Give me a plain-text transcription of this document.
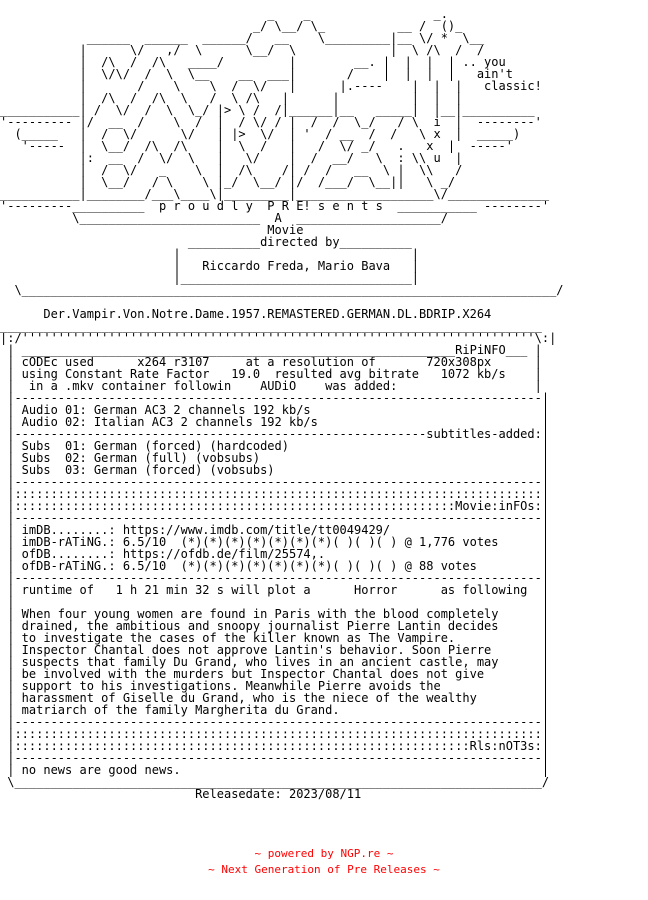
_    _                 _.
_/ \__/ \_          __ /  ()_
______  ______  ______/   __    \_________|__ \/ *  \__
|      \/   ,/  \      \__/  \             |  \ /\  /  /
|  /\  /  /\   ____/         |        __. |  |  |  | .. you
|  \/\/  /  \  \__    __  ___|       /    |  |  |  |   ain't
|       /    \    \  /  \/   |      |.----    |  |  |   classic!
|  /\  /  /\  \   /  \ /\   |      |          |  |  |
___________| /  \/  /  \  \_/ |> \ /  /|______|__   _____|  |__|__________
'--------- |/  __  /    \  /  |  / \/ / |  /  /  \_/   / \  i  |  --------'
(_____   |  /  \/      \/   | |>  \/  | '  / __  /  /   \ x  |  _____)
'-----  |  \__/  /\  /\    |  \  /   |   /  \/ _/   .   x  |  -----'
|:  __  /  \/  \   |   \/    |  /  __/   \  : \\ u  |
|  /  \/   _    \  |  /\    /| /  /   __  \ |  \\   /
|  \__/   / \    \ |_/  \__/ |/  /___/  \__||   \ _/
___________|________/___\____\|_________|___________________\/______________
'---------__________  p r o u d l y  P R E! s e n t s  ___________ --------'
\_________________________  A  ____________________/
Movie
__________directed by__________
|                                |
|   Riccardo Freda, Mario Bava   |
|________________________________|
\__________________________________________________________________________/
Der.Vampir.Von.Notre.Dame.1957.REMASTERED.GERMAN.DL.BDRIP.X264
___________________________________________________________________________
|:/'''''''''''''''''''''''''''''''''''''''''''''''''''''''''''''''''''''''\:|
| ____________________________________________________________RiPiNFO___ |
| cODEc used      x264 r3107     at a resolution of       720x308px      |
| using Constant Rate Factor   19.0  resulted avg bitrate   1072 kb/s    |
|  in a .mkv container followin    AUDiO    was added:                   |
|-------------------------------------------------------------------------|
| Audio 01: German AC3 2 channels 192 kb/s                                |
| Audio 02: Italian AC3 2 channels 192 kb/s                               |
|---------------------------------------------------------subtitles-added:|
| Subs  01: German (forced) (hardcoded)                                   |
| Subs  02: German (full) (vobsubs)                                       |
| Subs  03: German (forced) (vobsubs)                                     |
|-------------------------------------------------------------------------|
|:::::::::::::::::::::::::::::::::::::::::::::::::::::::::::::::::::::::::|
|:::::::::::::::::::::::::::::::::::::::::::::::::::::::::::::Movie:inFOs:|
|-------------------------------------------------------------------------|
| imDB........: https://www.imdb.com/title/tt0049429/                     |
| imDB-rATiNG.: 6.5/10  (*)(*)(*)(*)(*)(*)(*)( )( )( ) @ 1,776 votes      |
| ofDB........: https://ofdb.de/film/25574,.                              |
| ofDB-rATiNG.: 6.5/10  (*)(*)(*)(*)(*)(*)(*)( )( )( ) @ 88 votes         |
|-------------------------------------------------------------------------|
| runtime of   1 h 21 min 32 s will plot a      Horror      as following  |
|                                                                         |
| When four young women are found in Paris with the blood completely      |
| drained, the ambitious and snoopy journalist Pierre Lantin decides      |
| to investigate the cases of the killer known as The Vampire.            |
| Inspector Chantal does not approve Lantin's behavior. Soon Pierre       |
| suspects that family Du Grand, who lives in an ancient castle, may      |
| be involved with the murders but Inspector Chantal does not give        |
| support to his investigations. Meanwhile Pierre avoids the              |
| harassment of Giselle du Grand, who is the niece of the wealthy         |
| matriarch of the family Margherita du Grand.                            |
|-------------------------------------------------------------------------|
|:::::::::::::::::::::::::::::::::::::::::::::::::::::::::::::::::::::::::|
|:::::::::::::::::::::::::::::::::::::::::::::::::::::::::::::::Rls:nOT3s:|
|-------------------------------------------------------------------------|
| no news are good news.                                                  |
\_________________________________________________________________________/
Releasedate: 2023/08/11
~ powered by NGP.re ~
~ Next Generation of Pre Releases ~
